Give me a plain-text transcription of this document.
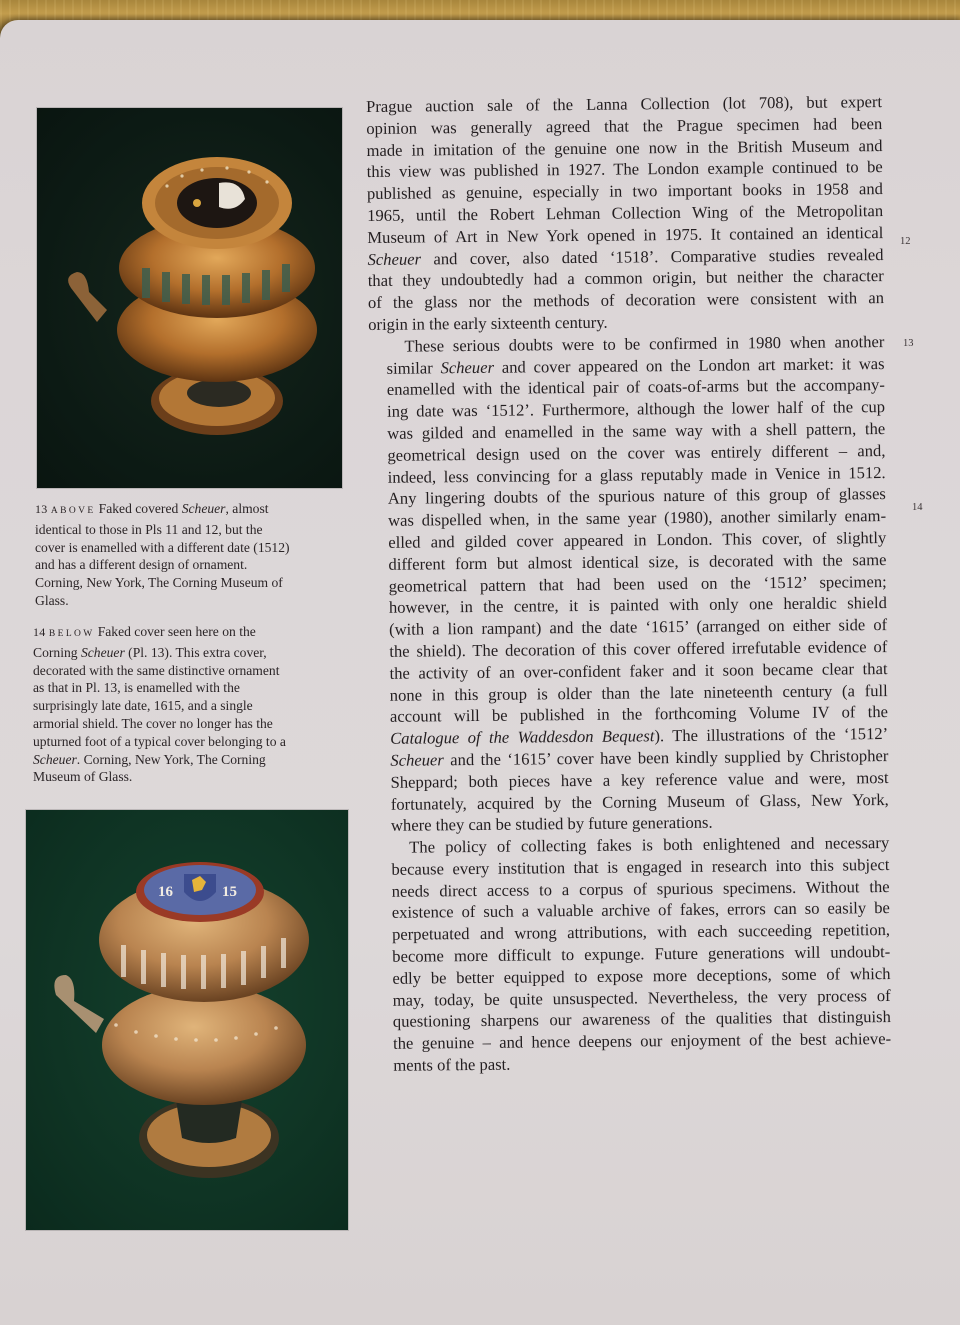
13 ABOVE Faked covered Scheuer, almost
identical to those in Pls 11 and 12, but the
cover is enamelled with a different date (1512)
and has a different design of ornament.
Corning, New York, The Corning Museum of
Glass.
14 BELOW Faked cover seen here on the
Corning Scheuer (Pl. 13). This extra cover,
decorated with the same distinctive ornament
as that in Pl. 13, is enamelled with the
surprisingly late date, 1615, and a single
armorial shield. The cover no longer has the
upturned foot of a typical cover belonging to a
Scheuer. Corning, New York, The Corning
Museum of Glass.
16	15

Prague auction sale of the Lanna Collection (lot 708), but expert
opinion was generally agreed that the Prague specimen had been
made in imitation of the genuine one now in the British Museum and
this view was published in 1927. The London example continued to be
published as genuine, especially in two important books in 1958 and
1965, until the Robert Lehman Collection Wing of the Metropolitan
Museum of Art in New York opened in 1975. It contained an identical
Scheuer and cover, also dated ‘1518’. Comparative studies revealed
that they undoubtedly had a common origin, but neither the character
of the glass nor the methods of decoration were consistent with an
origin in the early sixteenth century.

These serious doubts were to be confirmed in 1980 when another
similar Scheuer and cover appeared on the London art market: it was
enamelled with the identical pair of coats-of-arms but the accompany-
ing date was ‘1512’. Furthermore, although the lower half of the cup
was gilded and enamelled in the same way with a shell pattern, the
geometrical design used on the cover was entirely different – and,
indeed, less convincing for a glass reputably made in Venice in 1512.
Any lingering doubts of the spurious nature of this group of glasses
was dispelled when, in the same year (1980), another similarly enam-
elled and gilded cover appeared in London. This cover, of slightly
different form but almost identical size, is decorated with the same
geometrical pattern that had been used on the ‘1512’ specimen;
however, in the centre, it is painted with only one heraldic shield
(with a lion rampant) and the date ‘1615’ (arranged on either side of
the shield). The decoration of this cover offered irrefutable evidence of
the activity of an over-confident faker and it soon became clear that
none in this group is older than the late nineteenth century (a full
account will be published in the forthcoming Volume IV of the
Catalogue of the Waddesdon Bequest). The illustrations of the ‘1512’
Scheuer and the ‘1615’ cover have been kindly supplied by Christopher
Sheppard; both pieces have a key reference value and were, most
fortunately, acquired by the Corning Museum of Glass, New York,
where they can be studied by future generations.

The policy of collecting fakes is both enlightened and necessary
because every institution that is engaged in research into this subject
needs direct access to a corpus of spurious specimens. Without the
existence of such a valuable archive of fakes, errors can so easily be
perpetuated and wrong attributions, with each succeeding repetition,
become more difficult to expunge. Future generations will undoubt-
edly be better equipped to expose more deceptions, some of which
may, today, be quite unsuspected. Nevertheless, the very process of
questioning sharpens our awareness of the qualities that distinguish
the genuine – and hence deepens our enjoyment of the best achieve-
ments of the past.

12
13
14
